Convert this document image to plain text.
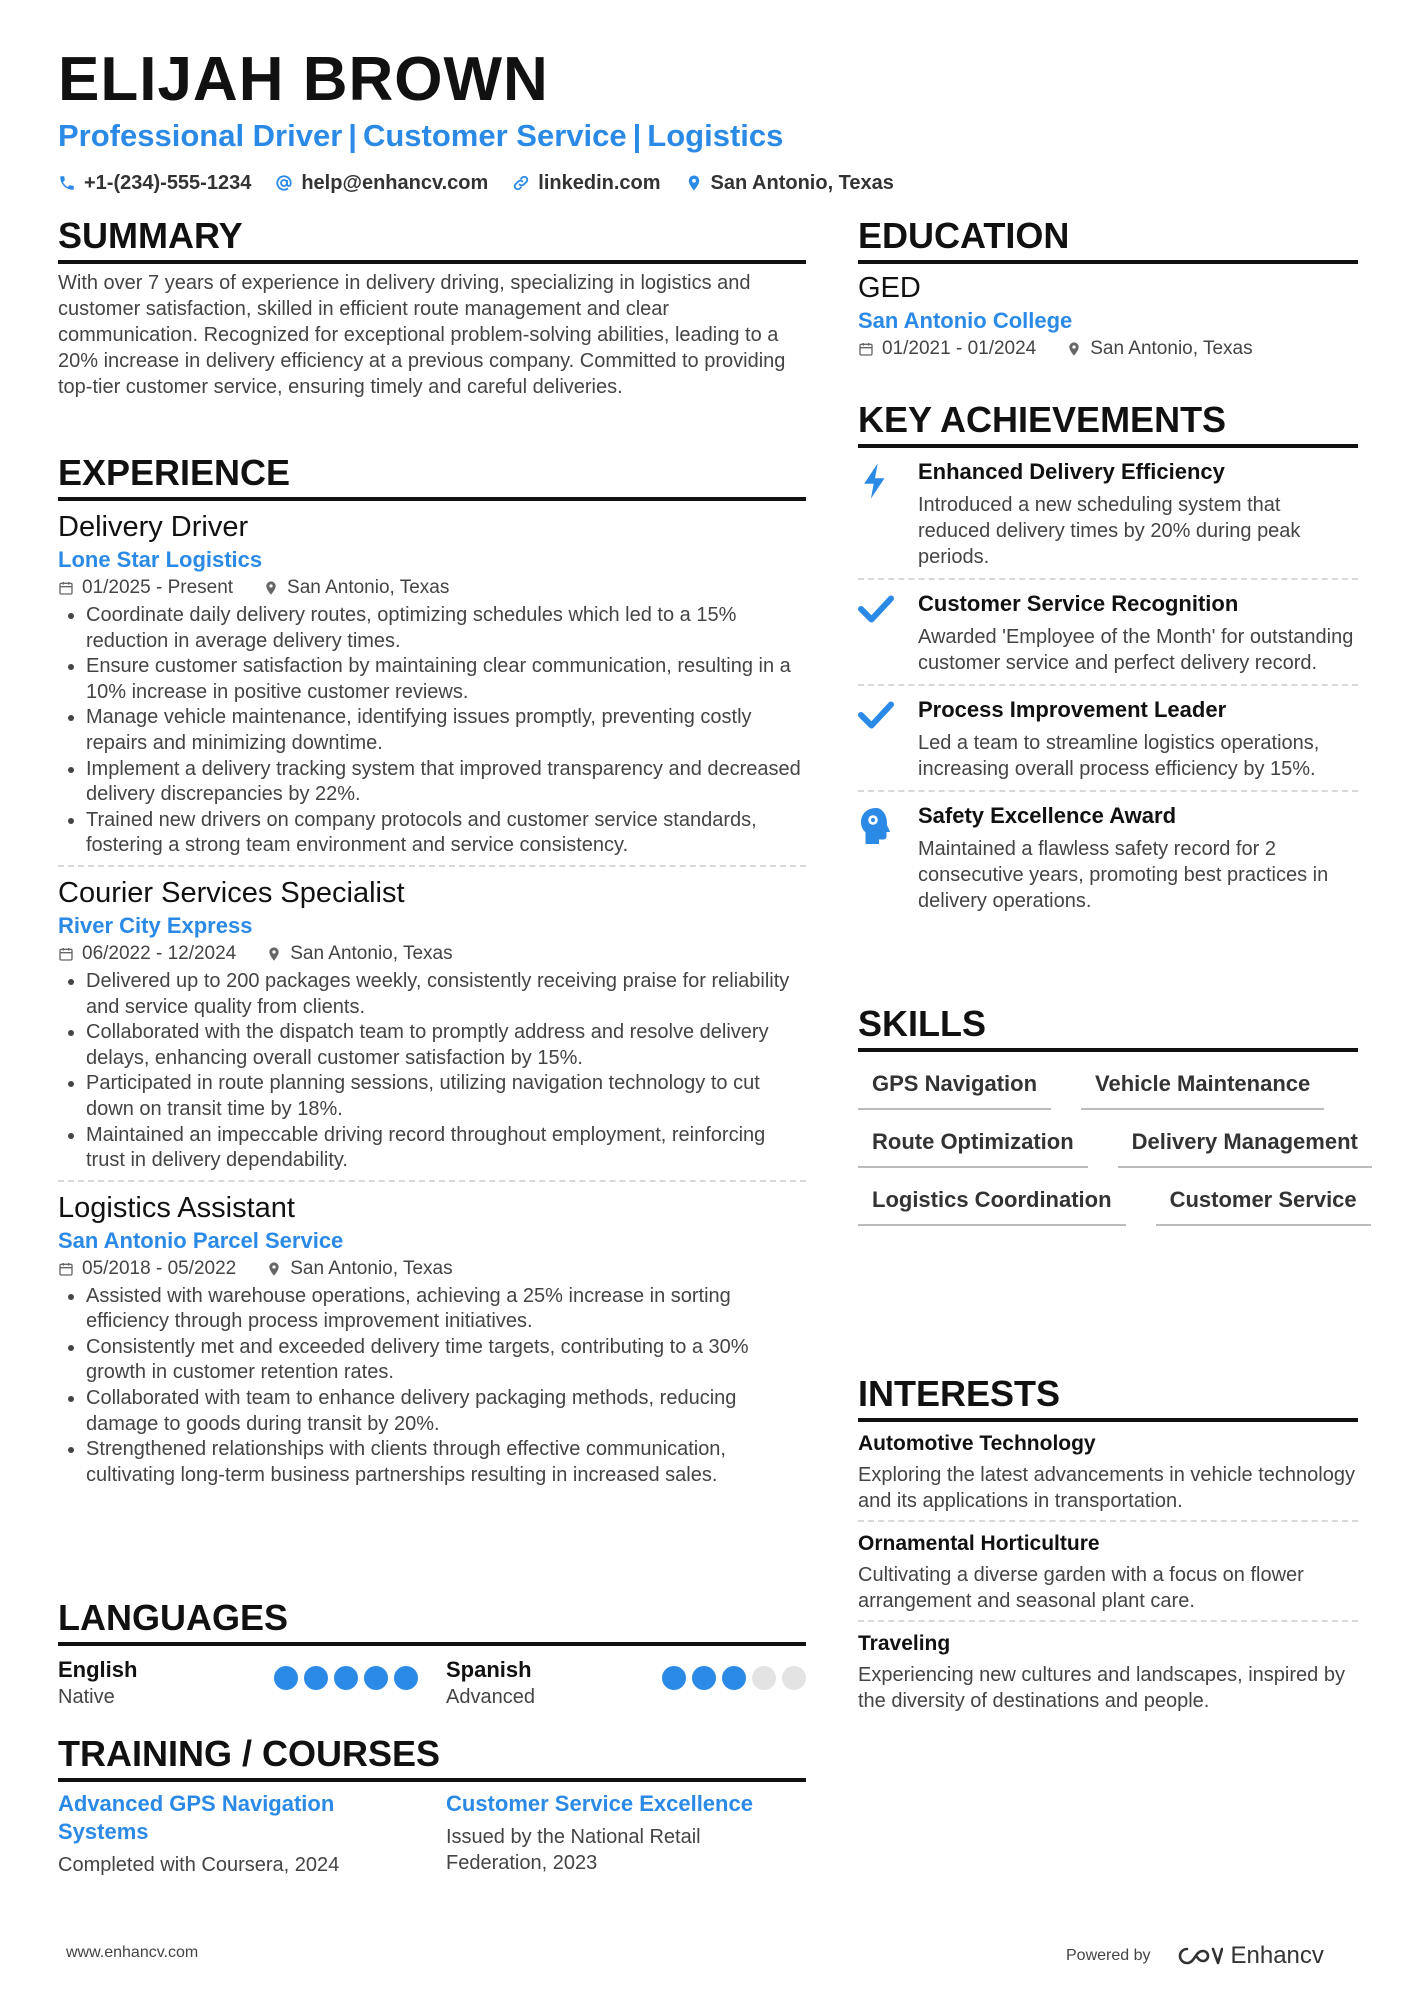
ELIJAH BROWN
Professional Driver | Customer Service | Logistics
+1-(234)-555-1234	help@enhancv.com	linkedin.com	San Antonio, Texas
SUMMARY
With over 7 years of experience in delivery driving, specializing in logistics and customer satisfaction, skilled in efficient route management and clear communication. Recognized for exceptional problem-solving abilities, leading to a 20% increase in delivery efficiency at a previous company. Committed to providing top-tier customer service, ensuring timely and careful deliveries.
EXPERIENCE
Delivery Driver
Lone Star Logistics
01/2025 - Present	San Antonio, Texas
• Coordinate daily delivery routes, optimizing schedules which led to a 15% reduction in average delivery times.
• Ensure customer satisfaction by maintaining clear communication, resulting in a 10% increase in positive customer reviews.
• Manage vehicle maintenance, identifying issues promptly, preventing costly repairs and minimizing downtime.
• Implement a delivery tracking system that improved transparency and decreased delivery discrepancies by 22%.
• Trained new drivers on company protocols and customer service standards, fostering a strong team environment and service consistency.
Courier Services Specialist
River City Express
06/2022 - 12/2024	San Antonio, Texas
• Delivered up to 200 packages weekly, consistently receiving praise for reliability and service quality from clients.
• Collaborated with the dispatch team to promptly address and resolve delivery delays, enhancing overall customer satisfaction by 15%.
• Participated in route planning sessions, utilizing navigation technology to cut down on transit time by 18%.
• Maintained an impeccable driving record throughout employment, reinforcing trust in delivery dependability.
Logistics Assistant
San Antonio Parcel Service
05/2018 - 05/2022	San Antonio, Texas
• Assisted with warehouse operations, achieving a 25% increase in sorting efficiency through process improvement initiatives.
• Consistently met and exceeded delivery time targets, contributing to a 30% growth in customer retention rates.
• Collaborated with team to enhance delivery packaging methods, reducing damage to goods during transit by 20%.
• Strengthened relationships with clients through effective communication, cultivating long-term business partnerships resulting in increased sales.
LANGUAGES
English
Native
Spanish
Advanced
TRAINING / COURSES
Advanced GPS Navigation Systems
Completed with Coursera, 2024
Customer Service Excellence
Issued by the National Retail Federation, 2023
EDUCATION
GED
San Antonio College
01/2021 - 01/2024	San Antonio, Texas
KEY ACHIEVEMENTS
Enhanced Delivery Efficiency
Introduced a new scheduling system that reduced delivery times by 20% during peak periods.
Customer Service Recognition
Awarded 'Employee of the Month' for outstanding customer service and perfect delivery record.
Process Improvement Leader
Led a team to streamline logistics operations, increasing overall process efficiency by 15%.
Safety Excellence Award
Maintained a flawless safety record for 2 consecutive years, promoting best practices in delivery operations.
SKILLS
GPS Navigation	Vehicle Maintenance
Route Optimization	Delivery Management
Logistics Coordination	Customer Service
INTERESTS
Automotive Technology
Exploring the latest advancements in vehicle technology and its applications in transportation.
Ornamental Horticulture
Cultivating a diverse garden with a focus on flower arrangement and seasonal plant care.
Traveling
Experiencing new cultures and landscapes, inspired by the diversity of destinations and people.
www.enhancv.com	Powered by	Enhancv
